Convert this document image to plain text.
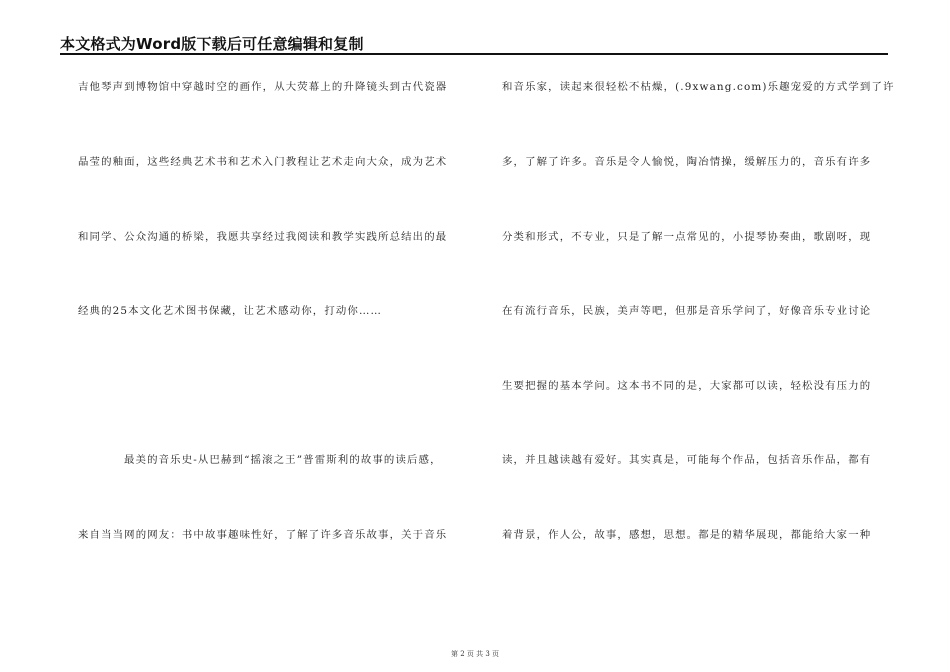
本文格式为Word版下载后可任意编辑和复制
吉他琴声到博物馆中穿越时空的画作，从大荧幕上的升降镜头到古代瓷器
晶莹的釉面，这些经典艺术书和艺术入门教程让艺术走向大众，成为艺术
和同学、公众沟通的桥梁，我愿共享经过我阅读和教学实践所总结出的最
经典的25本文化艺术图书保藏，让艺术感动你，打动你……
最美的音乐史-从巴赫到“摇滚之王”普雷斯利的故事的读后感，
来自当当网的网友：书中故事趣味性好，了解了许多音乐故事，关于音乐
和音乐家，读起来很轻松不枯燥，(.9xwang.com)乐趣宠爱的方式学到了许
多，了解了许多。音乐是令人愉悦，陶冶情操，缓解压力的，音乐有许多
分类和形式，不专业，只是了解一点常见的，小提琴协奏曲，歌剧呀，现
在有流行音乐，民族，美声等吧，但那是音乐学问了，好像音乐专业讨论
生要把握的基本学问。这本书不同的是，大家都可以读，轻松没有压力的
读，并且越读越有爱好。其实真是，可能每个作品，包括音乐作品，都有
着背景，作人公，故事，感想，思想。都是的精华展现，都能给大家一种
第 2 页 共 3 页
